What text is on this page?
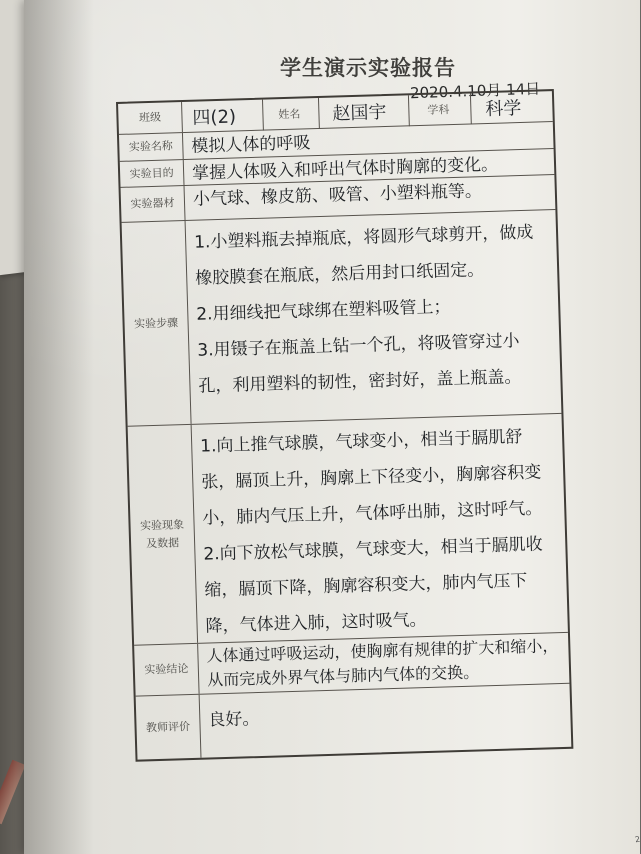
学生演示实验报告
2020.4.10月 14日
班级 四(2)	姓名 赵国宇	学科 科学
实验名称 模拟人体的呼吸
实验目的 掌握人体吸入和呼出气体时胸廓的变化。
实验器材 小气球、橡皮筋、吸管、小塑料瓶等。
实验步骤
1.小塑料瓶去掉瓶底，将圆形气球剪开，做成橡胶膜套在瓶底，然后用封口纸固定。
2.用细线把气球绑在塑料吸管上；
3.用镊子在瓶盖上钻一个孔，将吸管穿过小孔，利用塑料的韧性，密封好，盖上瓶盖。
实验现象
及数据
1.向上推气球膜，气球变小，相当于膈肌舒张，膈顶上升，胸廓上下径变小，胸廓容积变小，肺内气压上升，气体呼出肺，这时呼气。
2.向下放松气球膜，气球变大，相当于膈肌收缩，膈顶下降，胸廓容积变大，肺内气压下降，气体进入肺，这时吸气。
实验结论
人体通过呼吸运动，使胸廓有规律的扩大和缩小，从而完成外界气体与肺内气体的交换。
教师评价 良好。
2
